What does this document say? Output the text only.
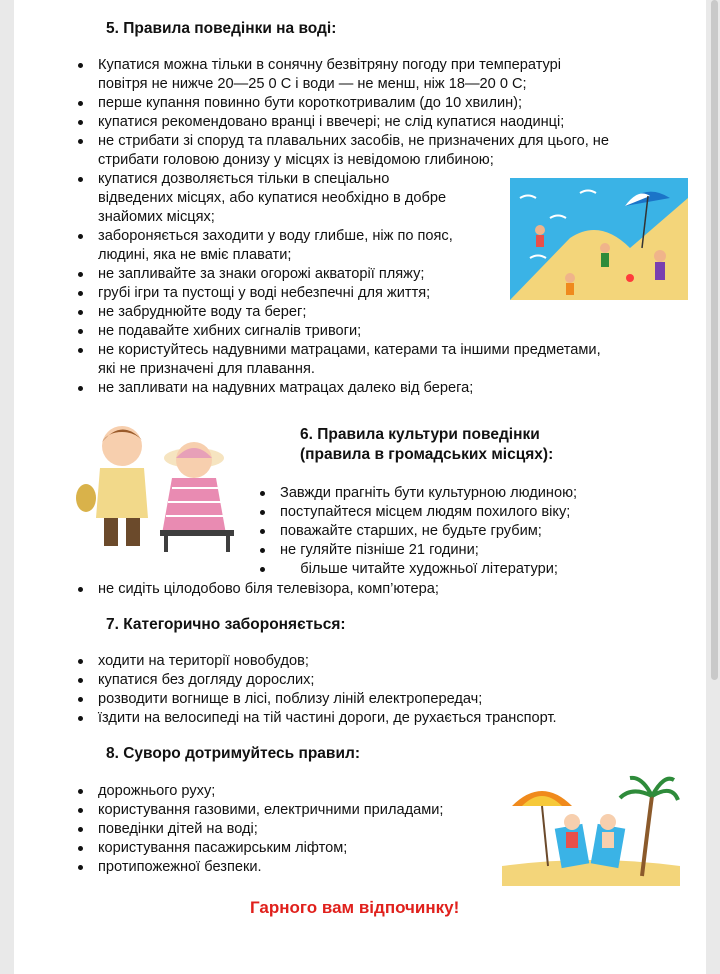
5. Правила поведінки на воді:
Купатися можна тільки в сонячну безвітряну погоду при температурі
повітря не нижче 20—25 0 С і води — не менш, ніж 18—20 0 С;
перше купання повинно бути короткотривалим (до 10 хвилин);
купатися рекомендовано вранці і ввечері; не слід купатися наодинці;
не стрибати зі споруд та плавальних засобів, не призначених для цього, не
стрибати головою донизу у місцях із невідомою глибиною;
купатися дозволяється тільки в спеціально
відведених місцях, або купатися необхідно в добре
знайомих місцях;
забороняється заходити у воду глибше, ніж по пояс,
людині, яка не вміє плавати;
не запливайте за знаки огорожі акваторії пляжу;
грубі ігри та пустощі у воді небезпечні для життя;
не забруднюйте воду та берег;
не подавайте хибних сигналів тривоги;
не користуйтесь надувними матрацами, катерами та іншими предметами,
які не призначені для плавання.
не запливати на надувних матрацах далеко від берега;
6. Правила культури поведінки
(правила в громадських місцях):
Завжди прагніть бути культурною людиною;
поступайтеся місцем людям похилого віку;
поважайте старших, не будьте грубим;
не гуляйте пізніше 21 години;
більше читайте художньої літератури;
не сидіть цілодобово біля телевізора, комп’ютера;
7. Категорично забороняється:
ходити на території новобудов;
купатися без догляду дорослих;
розводити вогнище в лісі, поблизу ліній електропередач;
їздити на велосипеді на тій частині дороги, де рухається транспорт.
8. Суворо дотримуйтесь правил:
дорожнього руху;
користування газовими, електричними приладами;
поведінки дітей на воді;
користування пасажирським ліфтом;
протипожежної безпеки.
Гарного вам відпочинку!
